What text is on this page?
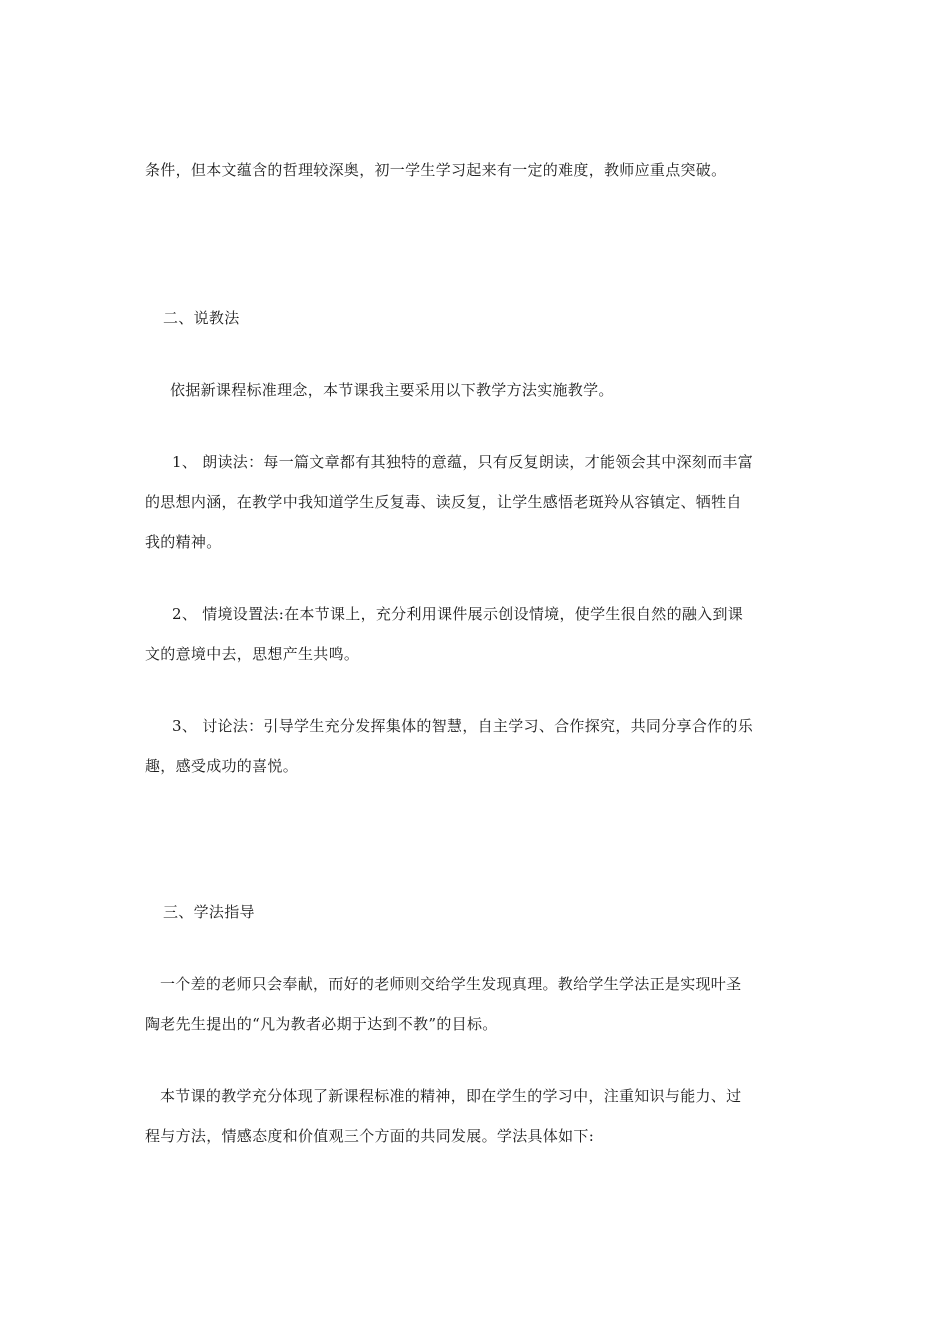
条件，但本文蕴含的哲理较深奥，初一学生学习起来有一定的难度，教师应重点突破。
二、说教法
依据新课程标准理念，本节课我主要采用以下教学方法实施教学。
1、 朗读法：每一篇文章都有其独特的意蕴，只有反复朗读，才能领会其中深刻而丰富
的思想内涵，在教学中我知道学生反复毒、读反复，让学生感悟老斑羚从容镇定、牺牲自
我的精神。
2、 情境设置法:在本节课上，充分利用课件展示创设情境，使学生很自然的融入到课
文的意境中去，思想产生共鸣。
3、 讨论法：引导学生充分发挥集体的智慧，自主学习、合作探究，共同分享合作的乐
趣，感受成功的喜悦。
三、学法指导
一个差的老师只会奉献，而好的老师则交给学生发现真理。教给学生学法正是实现叶圣
陶老先生提出的“凡为教者必期于达到不教”的目标。
本节课的教学充分体现了新课程标准的精神，即在学生的学习中，注重知识与能力、过
程与方法，情感态度和价值观三个方面的共同发展。学法具体如下:
